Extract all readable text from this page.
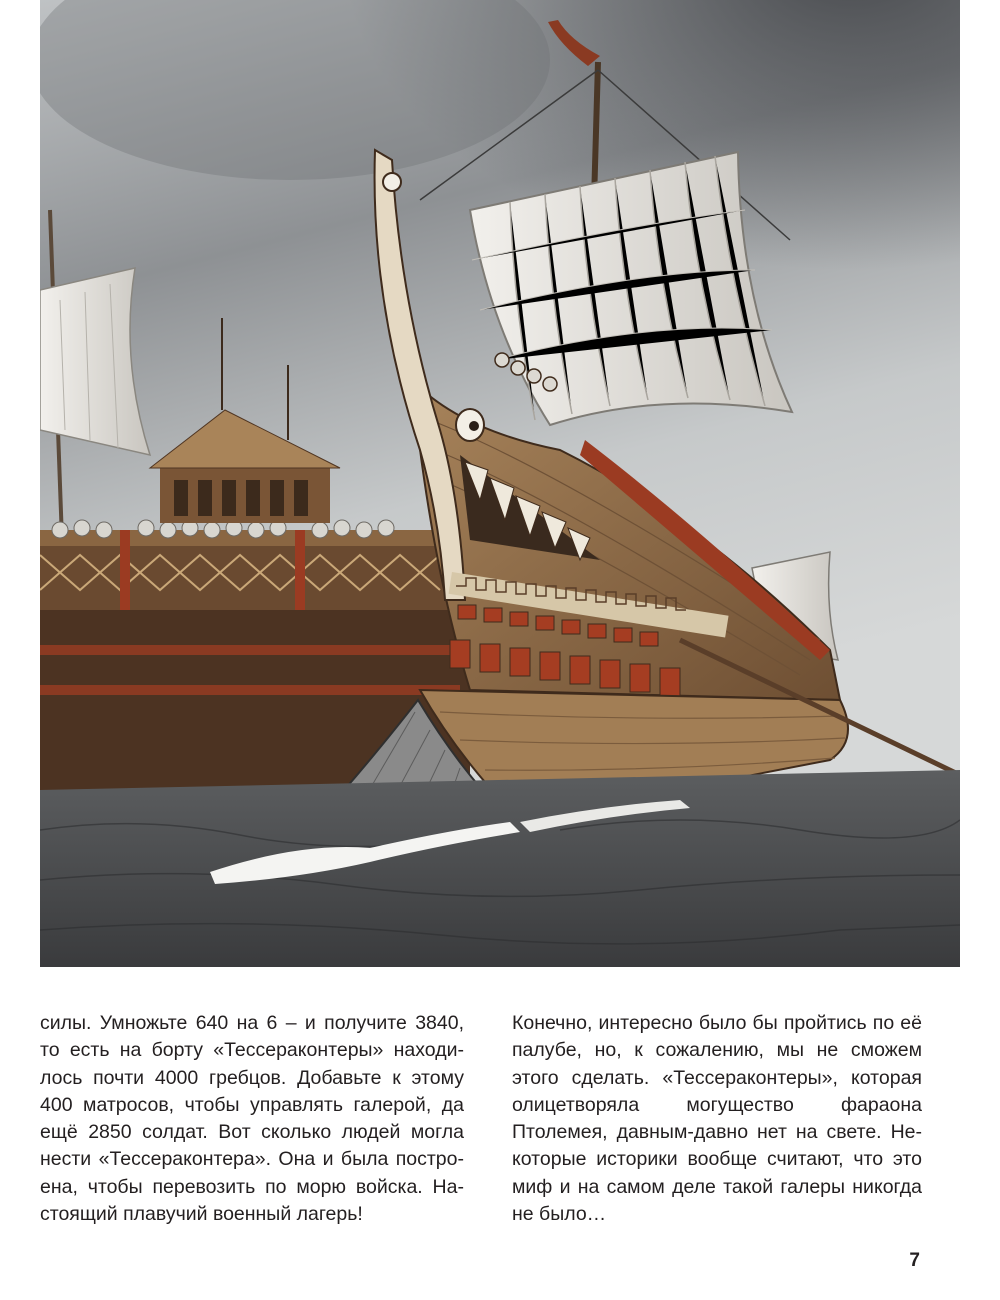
силы. Умножьте 640 на 6 – и получите 3840, то есть на борту «Тессераконтеры» находилось почти 4000 гребцов. Добавьте к этому 400 матросов, чтобы управлять галерой, да ещё 2850 солдат. Вот сколько людей могла нести «Тессераконтера». Она и была построена, чтобы перевозить по морю войска. Настоящий плавучий военный лагерь!
Конечно, интересно было бы пройтись по её палубе, но, к сожалению, мы не сможем этого сделать. «Тессераконтеры», которая олицетворяла могущество фараона Птолемея, давным-давно нет на свете. Некоторые историки вообще считают, что это миф и на самом деле такой галеры никогда не было…
7
